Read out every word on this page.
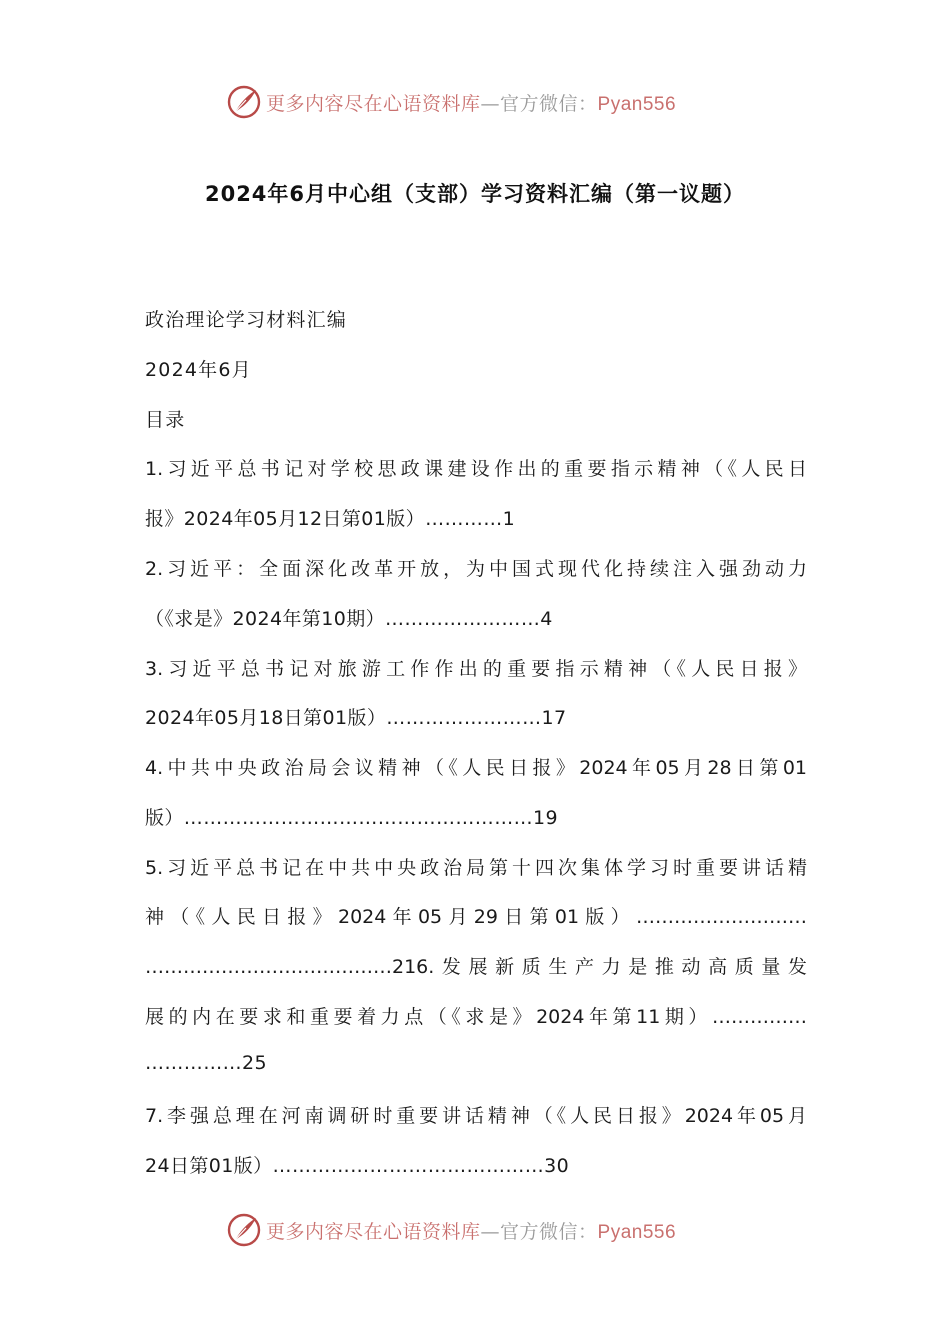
更多内容尽在心语资料库—官方微信：Pyan556
2024年6月中心组（支部）学习资料汇编（第一议题）
政治理论学习材料汇编
2024年6月
目录
1.习近平总书记对学校思政课建设作出的重要指示精神（《人民日
报》2024年05月12日第01版）…………1
2.习近平：全面深化改革开放，为中国式现代化持续注入强劲动力
（《求是》2024年第10期）……………………4
3.习近平总书记对旅游工作作出的重要指示精神（《人民日报》
2024年05月18日第01版）……………………17
4.中共中央政治局会议精神（《人民日报》2024年05月28日第01
版）………………………………………………19
5.习近平总书记在中共中央政治局第十四次集体学习时重要讲话精
神（《人民日报》2024年05月29日第01版）………………………
…………………………………216.发展新质生产力是推动高质量发
展的内在要求和重要着力点（《求是》2024年第11期）……………
……………25
7.李强总理在河南调研时重要讲话精神（《人民日报》2024年05月
24日第01版）……………………………………30
更多内容尽在心语资料库—官方微信：Pyan556
